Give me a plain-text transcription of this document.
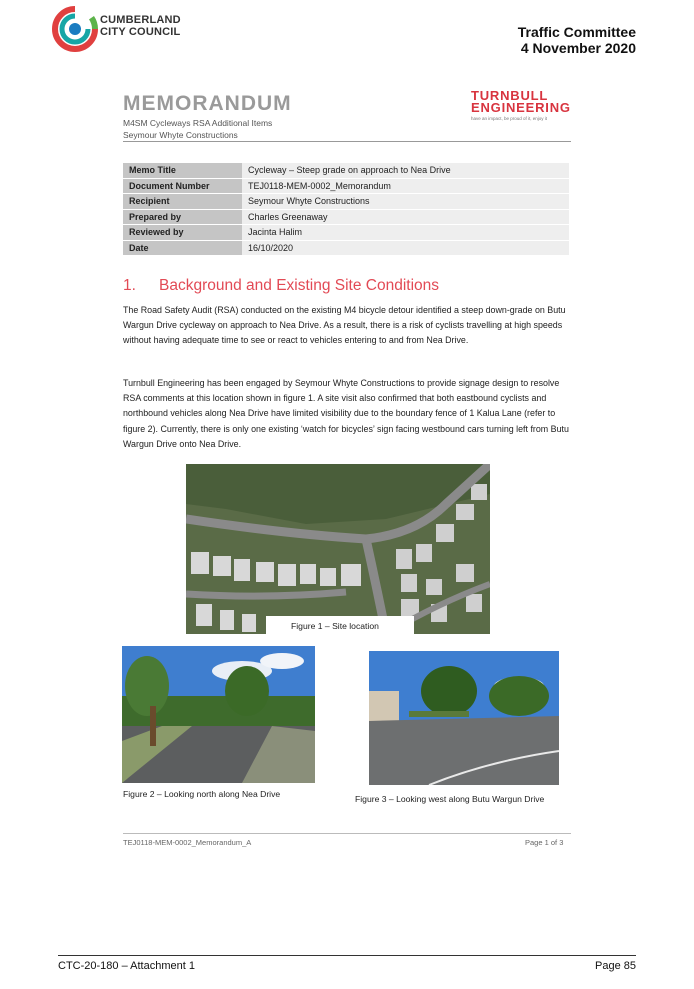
CUMBERLAND
CITY COUNCIL	Traffic Committee
4 November 2020
MEMORANDUM
M4SM Cycleways RSA Additional Items
Seymour Whyte Constructions
TURNBULL
ENGINEERING
have an impact, be proud of it, enjoy it
Memo Title	Cycleway – Steep grade on approach to Nea Drive
Document Number	TEJ0118-MEM-0002_Memorandum
Recipient	Seymour Whyte Constructions
Prepared by	Charles Greenaway
Reviewed by	Jacinta Halim
Date	16/10/2020
1. Background and Existing Site Conditions
The Road Safety Audit (RSA) conducted on the existing M4 bicycle detour identified a steep down-grade on Butu Wargun Drive cycleway on approach to Nea Drive. As a result, there is a risk of cyclists travelling at high speeds without having adequate time to see or react to vehicles entering to and from Nea Drive.
Turnbull Engineering has been engaged by Seymour Whyte Constructions to provide signage design to resolve RSA comments at this location shown in figure 1. A site visit also confirmed that both eastbound cyclists and northbound vehicles along Nea Drive have limited visibility due to the boundary fence of 1 Kalua Lane (refer to figure 2). Currently, there is only one existing ‘watch for bicycles’ sign facing westbound cars turning left from Butu Wargun Drive onto Nea Drive.
Figure 1 – Site location
Figure 2 – Looking north along Nea Drive	Figure 3 – Looking west along Butu Wargun Drive
TEJ0118-MEM-0002_Memorandum_A	Page 1 of 3
CTC-20-180 – Attachment 1	Page 85
